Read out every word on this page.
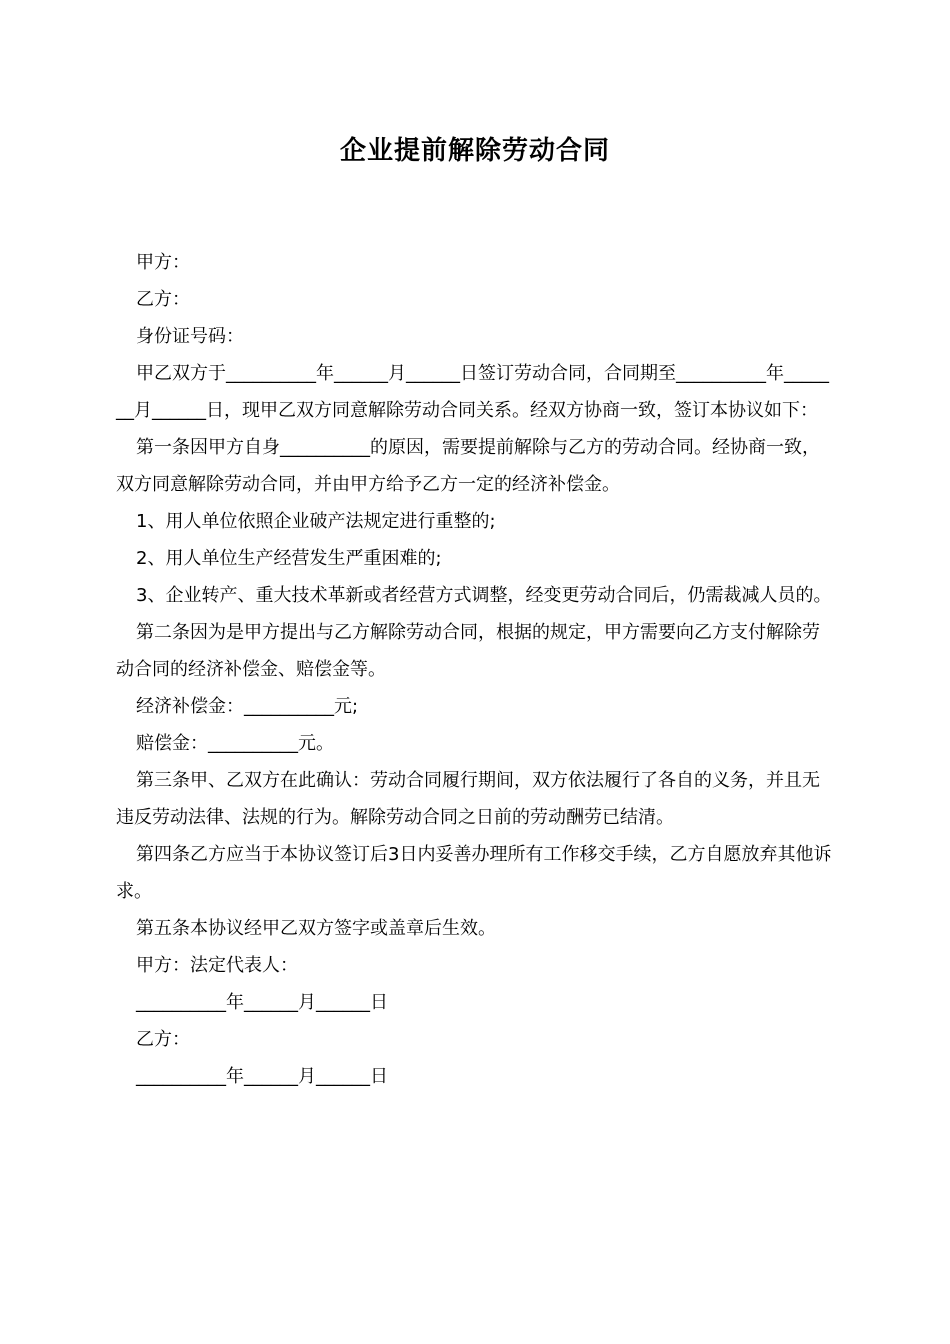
企业提前解除劳动合同

甲方：

乙方：

身份证号码：

甲乙双方于__________年______月______日签订劳动合同，合同期至__________年_______月______日，现甲乙双方同意解除劳动合同关系。经双方协商一致，签订本协议如下：

第一条因甲方自身__________的原因，需要提前解除与乙方的劳动合同。经协商一致，双方同意解除劳动合同，并由甲方给予乙方一定的经济补偿金。

1、用人单位依照企业破产法规定进行重整的;

2、用人单位生产经营发生严重困难的;

3、企业转产、重大技术革新或者经营方式调整，经变更劳动合同后，仍需裁减人员的。

第二条因为是甲方提出与乙方解除劳动合同，根据的规定，甲方需要向乙方支付解除劳动合同的经济补偿金、赔偿金等。

经济补偿金：__________元;

赔偿金：__________元。

第三条甲、乙双方在此确认：劳动合同履行期间，双方依法履行了各自的义务，并且无违反劳动法律、法规的行为。解除劳动合同之日前的劳动酬劳已结清。

第四条乙方应当于本协议签订后3日内妥善办理所有工作移交手续，乙方自愿放弃其他诉求。

第五条本协议经甲乙双方签字或盖章后生效。

甲方：法定代表人：

__________年______月______日

乙方：

__________年______月______日
